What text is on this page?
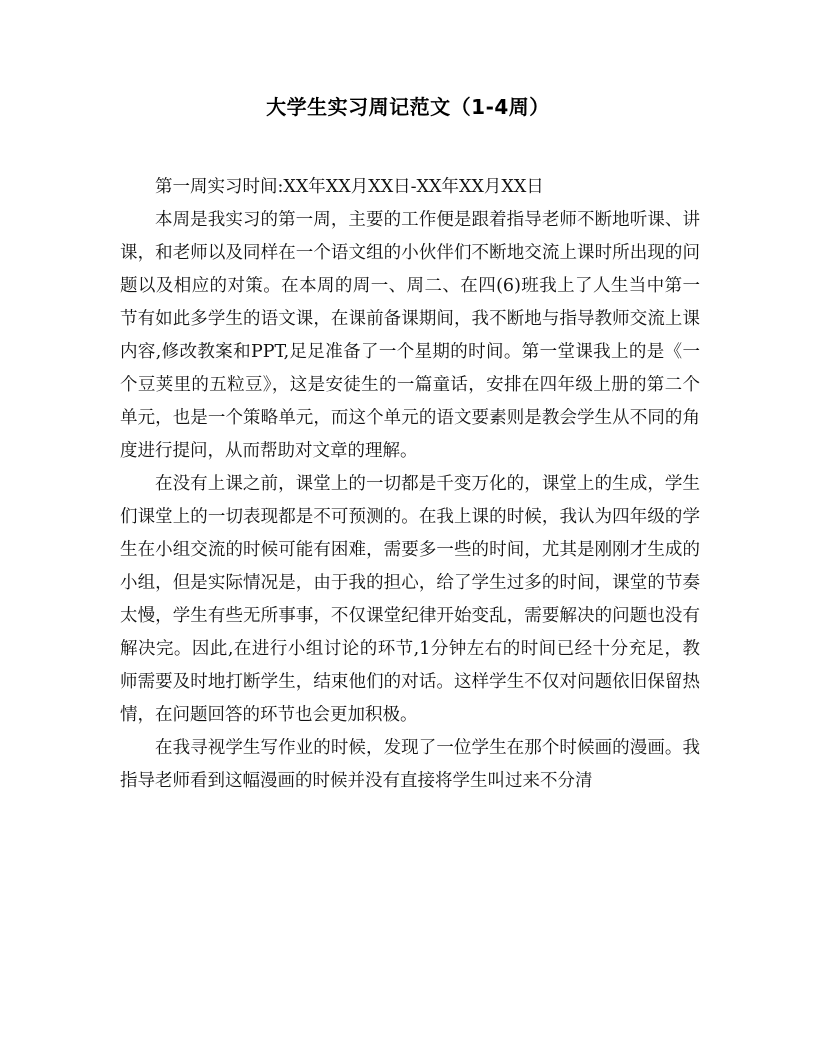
大学生实习周记范文（1-4周）

第一周实习时间:XX年XX月XX日-XX年XX月XX日

本周是我实习的第一周，主要的工作便是跟着指导老师不断地听课、讲课，和老师以及同样在一个语文组的小伙伴们不断地交流上课时所出现的问题以及相应的对策。在本周的周一、周二、在四(6)班我上了人生当中第一节有如此多学生的语文课，在课前备课期间，我不断地与指导教师交流上课内容,修改教案和PPT,足足准备了一个星期的时间。第一堂课我上的是《一个豆荚里的五粒豆》，这是安徒生的一篇童话，安排在四年级上册的第二个单元，也是一个策略单元，而这个单元的语文要素则是教会学生从不同的角度进行提问，从而帮助对文章的理解。

在没有上课之前，课堂上的一切都是千变万化的，课堂上的生成，学生们课堂上的一切表现都是不可预测的。在我上课的时候，我认为四年级的学生在小组交流的时候可能有困难，需要多一些的时间，尤其是刚刚才生成的小组，但是实际情况是，由于我的担心，给了学生过多的时间，课堂的节奏太慢，学生有些无所事事，不仅课堂纪律开始变乱，需要解决的问题也没有解决完。因此,在进行小组讨论的环节,1分钟左右的时间已经十分充足，教师需要及时地打断学生，结束他们的对话。这样学生不仅对问题依旧保留热情，在问题回答的环节也会更加积极。

在我寻视学生写作业的时候，发现了一位学生在那个时候画的漫画。我指导老师看到这幅漫画的时候并没有直接将学生叫过来不分清
